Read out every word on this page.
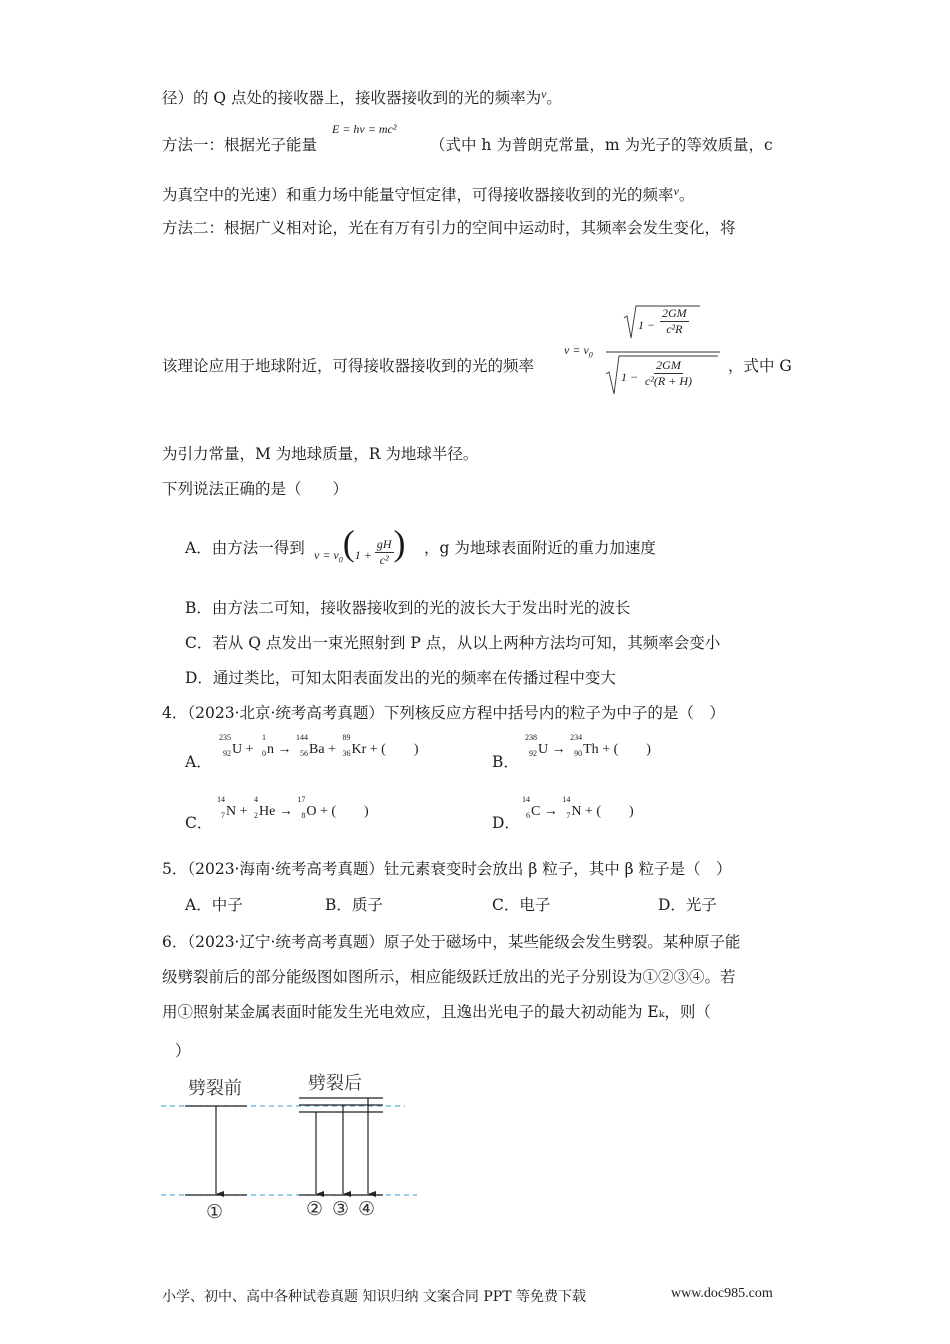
径）的 Q 点处的接收器上，接收器接收到的光的频率为$^\nu$。
方法一：根据光子能量
E = hν = mc²
（式中 h 为普朗克常量，m 为光子的等效质量，c
为真空中的光速）和重力场中能量守恒定律，可得接收器接收到的光的频率$^\nu$。
方法二：根据广义相对论，光在有万有引力的空间中运动时，其频率会发生变化，将
该理论应用于地球附近，可得接收器接收到的光的频率
$\nu = \nu_0$
$1 - \frac{2GM}{\text{c²R}}$
$1 - \frac{2GM}{\text{c²(R + H)}}$ ，式中 G
为引力常量，M 为地球质量，R 为地球半径。
下列说法正确的是（　　）
A．由方法一得到 $\nu = \nu_0(1 + \frac{gH}{\text{c²}}$ ) ，g 为地球表面附近的重力加速度
B．由方法二可知，接收器接收到的光的波长大于发出时光的波长
C．若从 Q 点发出一束光照射到 P 点，从以上两种方法均可知，其频率会变小
D．通过类比，可知太阳表面发出的光的频率在传播过程中变大
4．（2023·北京·统考高考真题）下列核反应方程中括号内的粒子为中子的是（　）
A．
235
92 U +
1
0 n →
144
56 Ba +
89
36 Kr + (　　)
B．
238
92 U →
234
90 Th + (　　)
C．
14
7 N +
4
2 He →
17
8 O + (　　)
D．
14
6 C →
14
7 N + (　　)
5．（2023·海南·统考高考真题）钍元素衰变时会放出 β 粒子，其中 β 粒子是（　）
A．中子	B．质子	C．电子	D．光子
6．（2023·辽宁·统考高考真题）原子处于磁场中，某些能级会发生劈裂。某种原子能
级劈裂前后的部分能级图如图所示，相应能级跃迁放出的光子分别设为①②③④。若
用①照射某金属表面时能发生光电效应，且逸出光电子的最大初动能为 Eₖ，则（
）
劈裂前	劈裂后
①	② ③ ④
小学、初中、高中各种试卷真题 知识归纳 文案合同 PPT 等免费下载	www.doc985.com
